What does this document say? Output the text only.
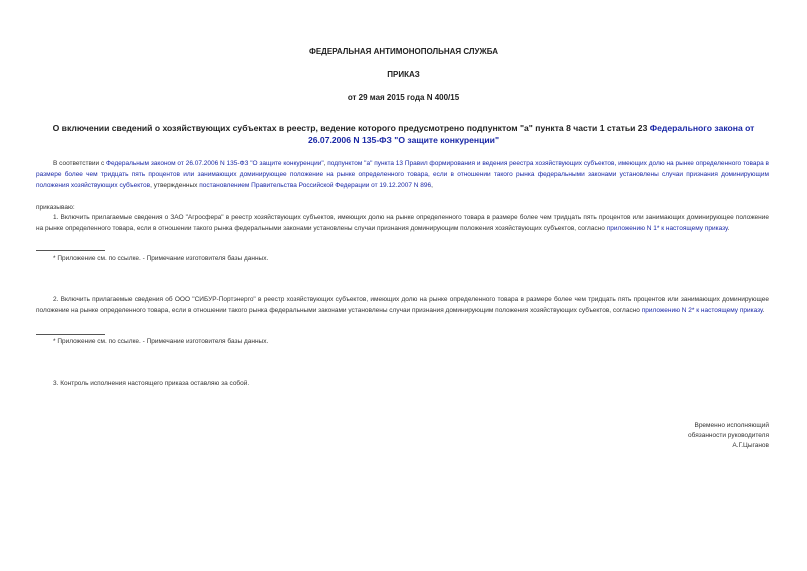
ФЕДЕРАЛЬНАЯ АНТИМОНОПОЛЬНАЯ СЛУЖБА
ПРИКАЗ
от 29 мая 2015 года N 400/15
О включении сведений о хозяйствующих субъектах в реестр, ведение которого предусмотрено подпунктом "а" пункта 8 части 1 статьи 23 Федерального закона от 26.07.2006 N 135-ФЗ "О защите конкуренции"
В соответствии с Федеральным законом от 26.07.2006 N 135-ФЗ "О защите конкуренции", подпунктом "а" пункта 13 Правил формирования и ведения реестра хозяйствующих субъектов, имеющих долю на рынке определенного товара в размере более чем тридцать пять процентов или занимающих доминирующее положение на рынке определенного товара, если в отношении такого рынка федеральными законами установлены случаи признания доминирующим положения хозяйствующих субъектов, утвержденных постановлением Правительства Российской Федерации от 19.12.2007 N 896,
приказываю:
1. Включить прилагаемые сведения о ЗАО "Агросфера" в реестр хозяйствующих субъектов, имеющих долю на рынке определенного товара в размере более чем тридцать пять процентов или занимающих доминирующее положение на рынке определенного товара, если в отношении такого рынка федеральными законами установлены случаи признания доминирующим положения хозяйствующих субъектов, согласно приложению N 1* к настоящему приказу.
* Приложение см. по ссылке. - Примечание изготовителя базы данных.
2. Включить прилагаемые сведения об ООО "СИБУР-Портэнерго" в реестр хозяйствующих субъектов, имеющих долю на рынке определенного товара в размере более чем тридцать пять процентов или занимающих доминирующее положение на рынке определенного товара, если в отношении такого рынка федеральными законами установлены случаи признания доминирующим положения хозяйствующих субъектов, согласно приложению N 2* к настоящему приказу.
* Приложение см. по ссылке. - Примечание изготовителя базы данных.
3. Контроль исполнения настоящего приказа оставляю за собой.
Временно исполняющий
обязанности руководителя
А.Г.Цыганов
